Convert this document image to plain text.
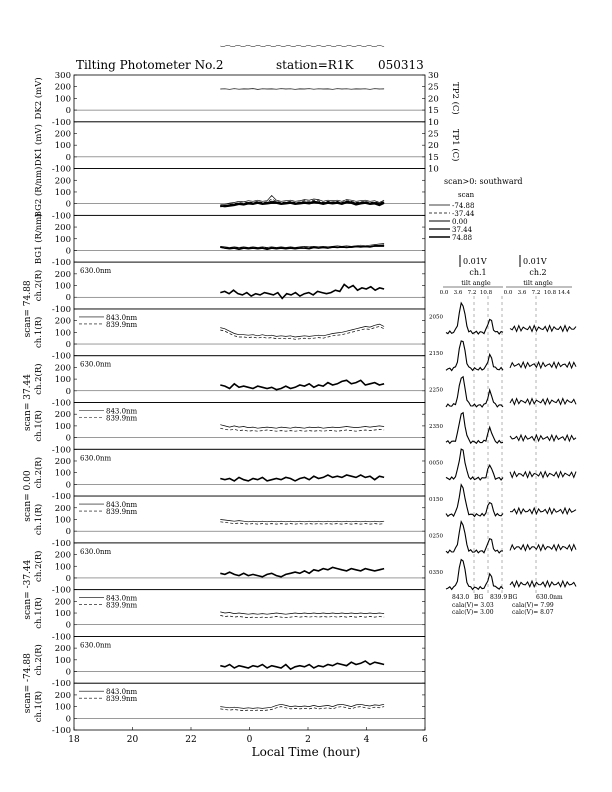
Tilting Photometer No.2	station=R1K 050313
Local Time (hour)
-100
0
100
200
300
DK2 (mV)
10
15
20
25
30
TP2 (C)
-100
0
100
200
DK1 (mV)
10
15
20
25 TP1 (C)
-100
0
100
200
BG2 (R/nm)
-100
0
100
200
BG1 (R/nm)
-100
0
100
200
ch.2(R)	630.0nm
-100
0
100
200
ch.1(R)	843.0nm
839.9nm
-100
0
100
200
ch.2(R)	630.0nm
-100
0
100
200
ch.1(R)	843.0nm
839.9nm
-100
0
100
200
ch.2(R)	630.0nm
-100
0
100
200
ch.1(R)	843.0nm
839.9nm
-100
0
100
200
ch.2(R)	630.0nm
-100
0
100
200
ch.1(R)	843.0nm
839.9nm
-100
0
100
200
ch.2(R)	630.0nm
-100
0
100
200
ch.1(R)	843.0nm
839.9nm
18	20	22	0	2	4	6
scan= 74.88
scan= 37.44
scan= 0.00
scan= -37.44
scan= -74.88
scan>0: southward
scan
-74.88
-37.44
0.00
37.44
74.88
0.01V	0.01V
ch.1	ch.2
tilt angle	tilt angle
0.0 3.6 7.2 10.8 0.0 3.6 7.2 10.8 14.4
2050
2150
2250
2350
0050
0150
0250
0350
843.0 BG 839.9 BG	630.0nm
cala(V)= 3.03
calc(V)= 3.00
cala(V)= 7.99
calc(V)= 8.07
